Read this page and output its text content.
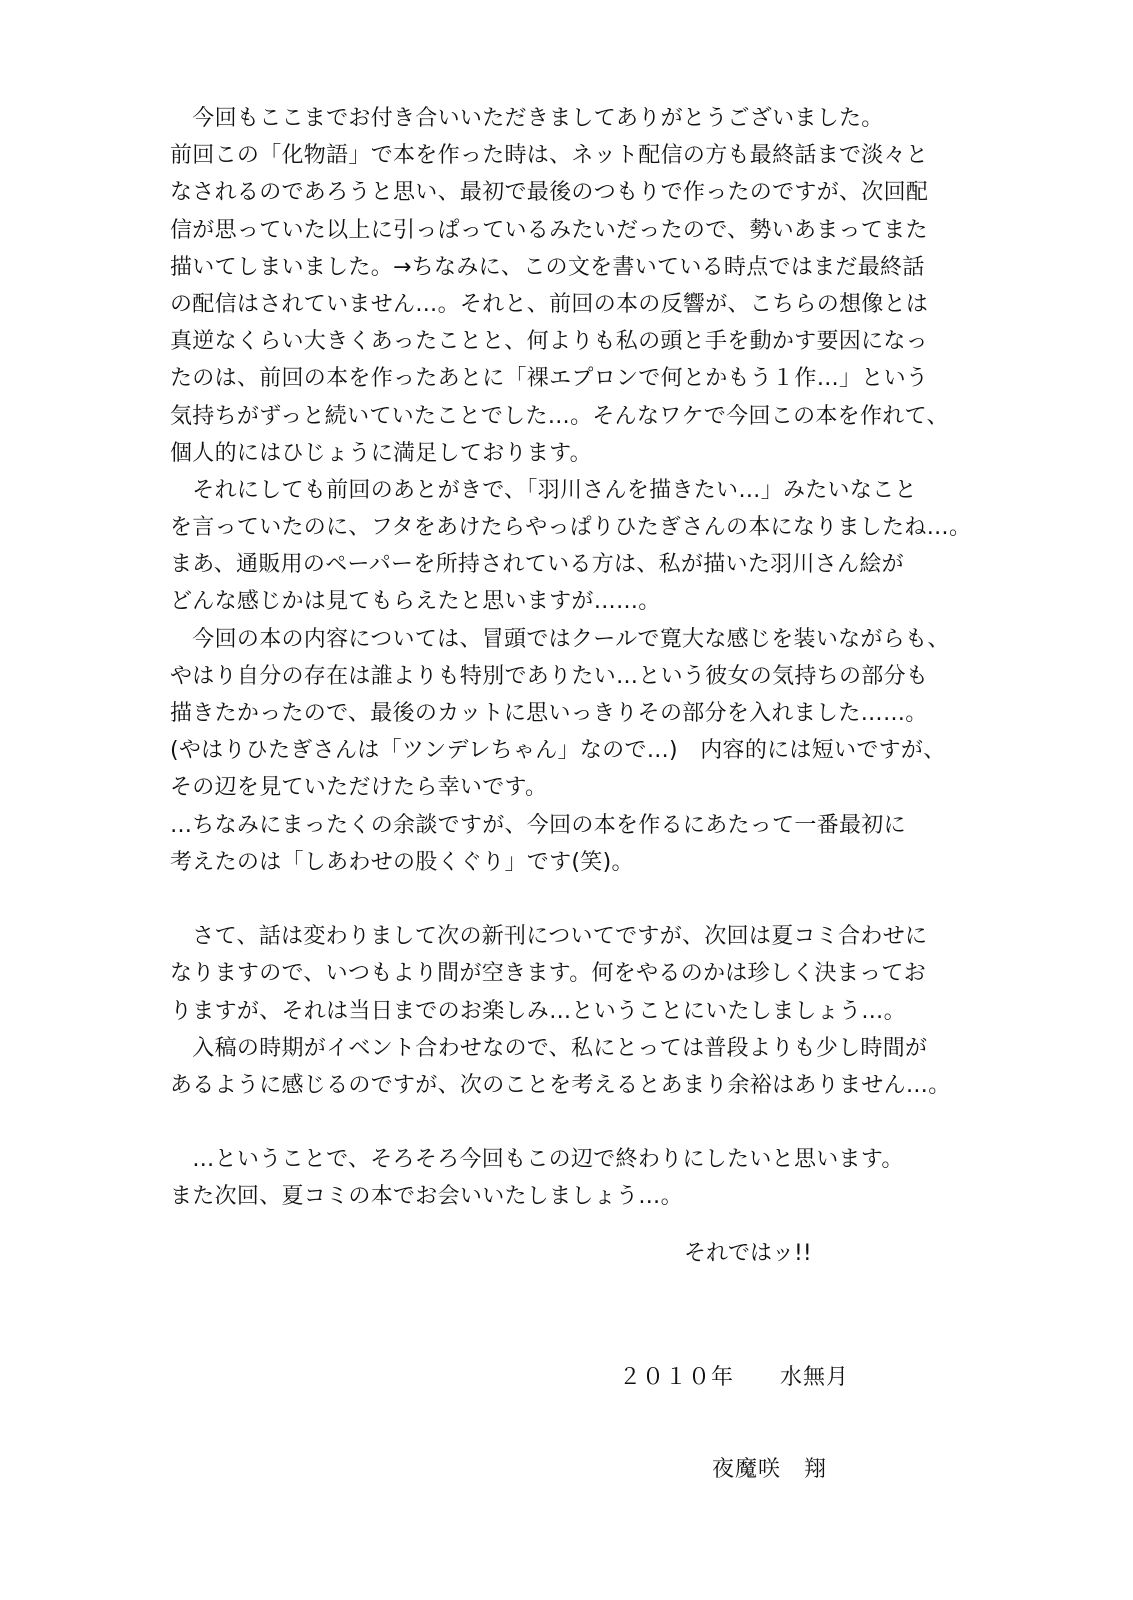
　今回もここまでお付き合いいただきましてありがとうございました。
前回この「化物語」で本を作った時は、ネット配信の方も最終話まで淡々と
なされるのであろうと思い、最初で最後のつもりで作ったのですが、次回配
信が思っていた以上に引っぱっているみたいだったので、勢いあまってまた
描いてしまいました。→ちなみに、この文を書いている時点ではまだ最終話
の配信はされていません…。それと、前回の本の反響が、こちらの想像とは
真逆なくらい大きくあったことと、何よりも私の頭と手を動かす要因になっ
たのは、前回の本を作ったあとに「裸エプロンで何とかもう１作…」という
気持ちがずっと続いていたことでした…。そんなワケで今回この本を作れて、
個人的にはひじょうに満足しております。
　それにしても前回のあとがきで、「羽川さんを描きたい…」みたいなこと
を言っていたのに、フタをあけたらやっぱりひたぎさんの本になりましたね…。
まあ、通販用のペーパーを所持されている方は、私が描いた羽川さん絵が
どんな感じかは見てもらえたと思いますが……。
　今回の本の内容については、冒頭ではクールで寛大な感じを装いながらも、
やはり自分の存在は誰よりも特別でありたい…という彼女の気持ちの部分も
描きたかったので、最後のカットに思いっきりその部分を入れました……。
(やはりひたぎさんは「ツンデレちゃん」なので…)　内容的には短いですが、
その辺を見ていただけたら幸いです。
…ちなみにまったくの余談ですが、今回の本を作るにあたって一番最初に
考えたのは「しあわせの股くぐり」です(笑)。
　さて、話は変わりまして次の新刊についてですが、次回は夏コミ合わせに
なりますので、いつもより間が空きます。何をやるのかは珍しく決まってお
りますが、それは当日までのお楽しみ…ということにいたしましょう…。
　入稿の時期がイベント合わせなので、私にとっては普段よりも少し時間が
あるように感じるのですが、次のことを考えるとあまり余裕はありません…。
　…ということで、そろそろ今回もこの辺で終わりにしたいと思います。
また次回、夏コミの本でお会いいたしましょう…。
それではッ!!
２０１０年　　水無月
夜魔咲　翔
